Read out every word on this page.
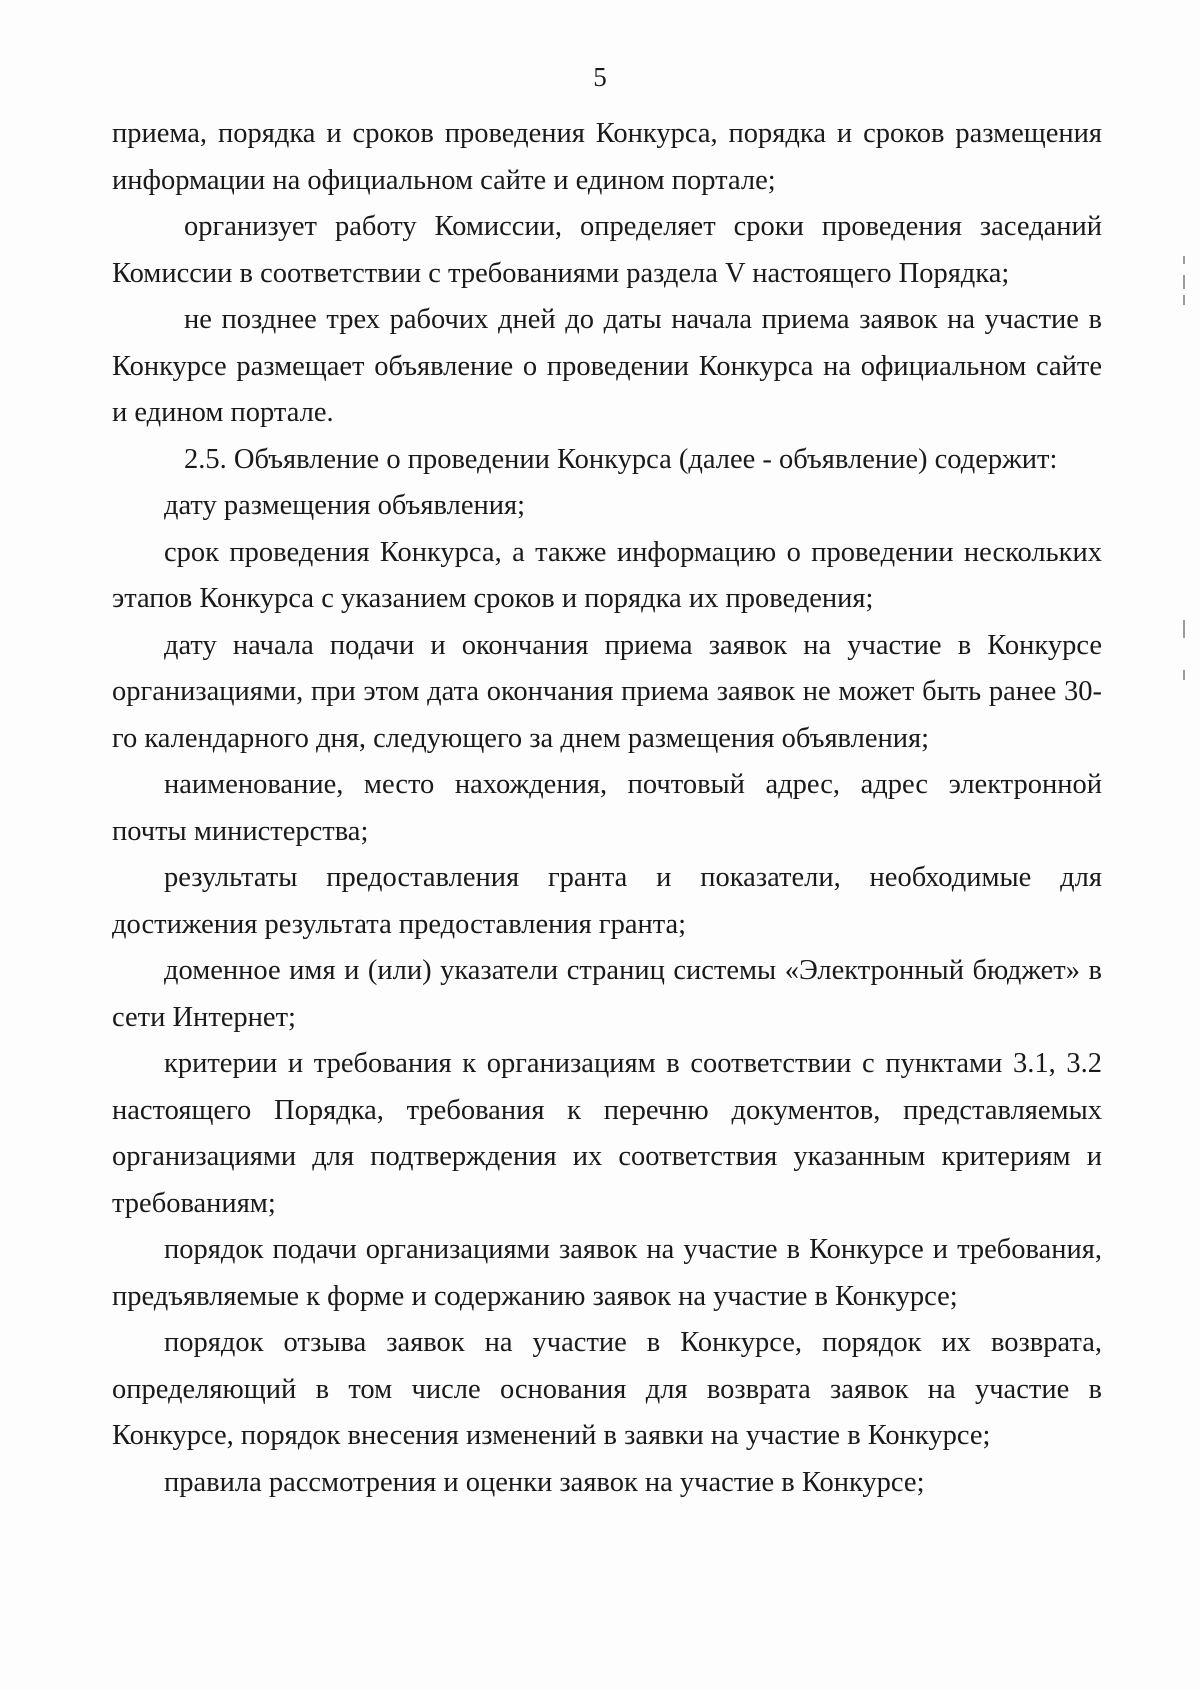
5

приема, порядка и сроков проведения Конкурса, порядка и сроков размещения информации на официальном сайте и едином портале;

организует работу Комиссии, определяет сроки проведения заседаний Комиссии в соответствии с требованиями раздела V настоящего Порядка;

не позднее трех рабочих дней до даты начала приема заявок на участие в Конкурсе размещает объявление о проведении Конкурса на официальном сайте и едином портале.

2.5. Объявление о проведении Конкурса (далее - объявление) содержит:

дату размещения объявления;

срок проведения Конкурса, а также информацию о проведении нескольких этапов Конкурса с указанием сроков и порядка их проведения;

дату начала подачи и окончания приема заявок на участие в Конкурсе организациями, при этом дата окончания приема заявок не может быть ранее 30-го календарного дня, следующего за днем размещения объявления;

наименование, место нахождения, почтовый адрес, адрес электронной почты министерства;

результаты предоставления гранта и показатели, необходимые для достижения результата предоставления гранта;

доменное имя и (или) указатели страниц системы «Электронный бюджет» в сети Интернет;

критерии и требования к организациям в соответствии с пунктами 3.1, 3.2 настоящего Порядка, требования к перечню документов, представляемых организациями для подтверждения их соответствия указанным критериям и требованиям;

порядок подачи организациями заявок на участие в Конкурсе и требования, предъявляемые к форме и содержанию заявок на участие в Конкурсе;

порядок отзыва заявок на участие в Конкурсе, порядок их возврата, определяющий в том числе основания для возврата заявок на участие в Конкурсе, порядок внесения изменений в заявки на участие в Конкурсе;

правила рассмотрения и оценки заявок на участие в Конкурсе;
